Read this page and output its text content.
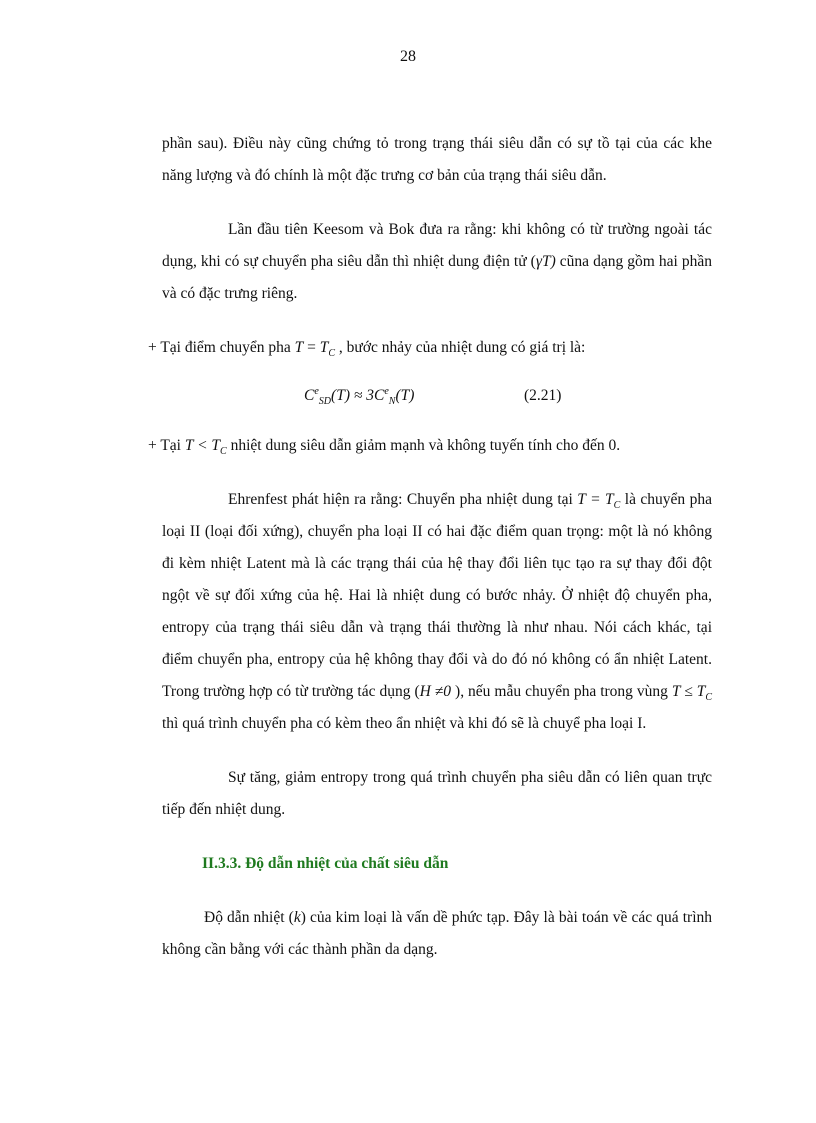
28

phần sau). Điều này cũng chứng tỏ trong trạng thái siêu dẫn có sự tồ tại của các khe năng lượng và đó chính là một đặc trưng cơ bản của trạng thái siêu dẫn.

Lần đầu tiên Keesom và Bok đưa ra rằng: khi không có từ trường ngoài tác dụng, khi có sự chuyển pha siêu dẫn thì nhiệt dung điện tử (γT) cũna dạng gồm hai phần và có đặc trưng riêng.

+ Tại điểm chuyển pha $T = T_C$ , bước nhảy của nhiệt dung có giá trị là:

$C^e_{SD}(T) \approx 3C^e_N(T)$	(2.21)

+ Tại $T < T_C$ nhiệt dung siêu dẫn giảm mạnh và không tuyến tính cho đến 0.

Ehrenfest phát hiện ra rằng: Chuyển pha nhiệt dung tại $T = T_C$ là chuyển pha loại II (loại đối xứng), chuyển pha loại II có hai đặc điểm quan trọng: một là nó không đi kèm nhiệt Latent mà là các trạng thái của hệ thay đổi liên tục tạo ra sự thay đổi đột ngột về sự đối xứng của hệ. Hai là nhiệt dung có bước nhảy. Ở nhiệt độ chuyển pha, entropy của trạng thái siêu dẫn và trạng thái thường là như nhau. Nói cách khác, tại điểm chuyển pha, entropy của hệ không thay đổi và do đó nó không có ẩn nhiệt Latent. Trong trường hợp có từ trường tác dụng (H ≠0 ), nếu mẫu chuyển pha trong vùng $T \le T_C$ thì quá trình chuyển pha có kèm theo ẩn nhiệt và khi đó sẽ là chuyể pha loại I.

Sự tăng, giảm entropy trong quá trình chuyển pha siêu dẫn có liên quan trực tiếp đến nhiệt dung.

II.3.3. Độ dẫn nhiệt của chất siêu dẫn

Độ dẫn nhiệt (k) của kim loại là vấn dề phức tạp. Đây là bài toán về các quá trình không cần bằng với các thành phần da dạng.
